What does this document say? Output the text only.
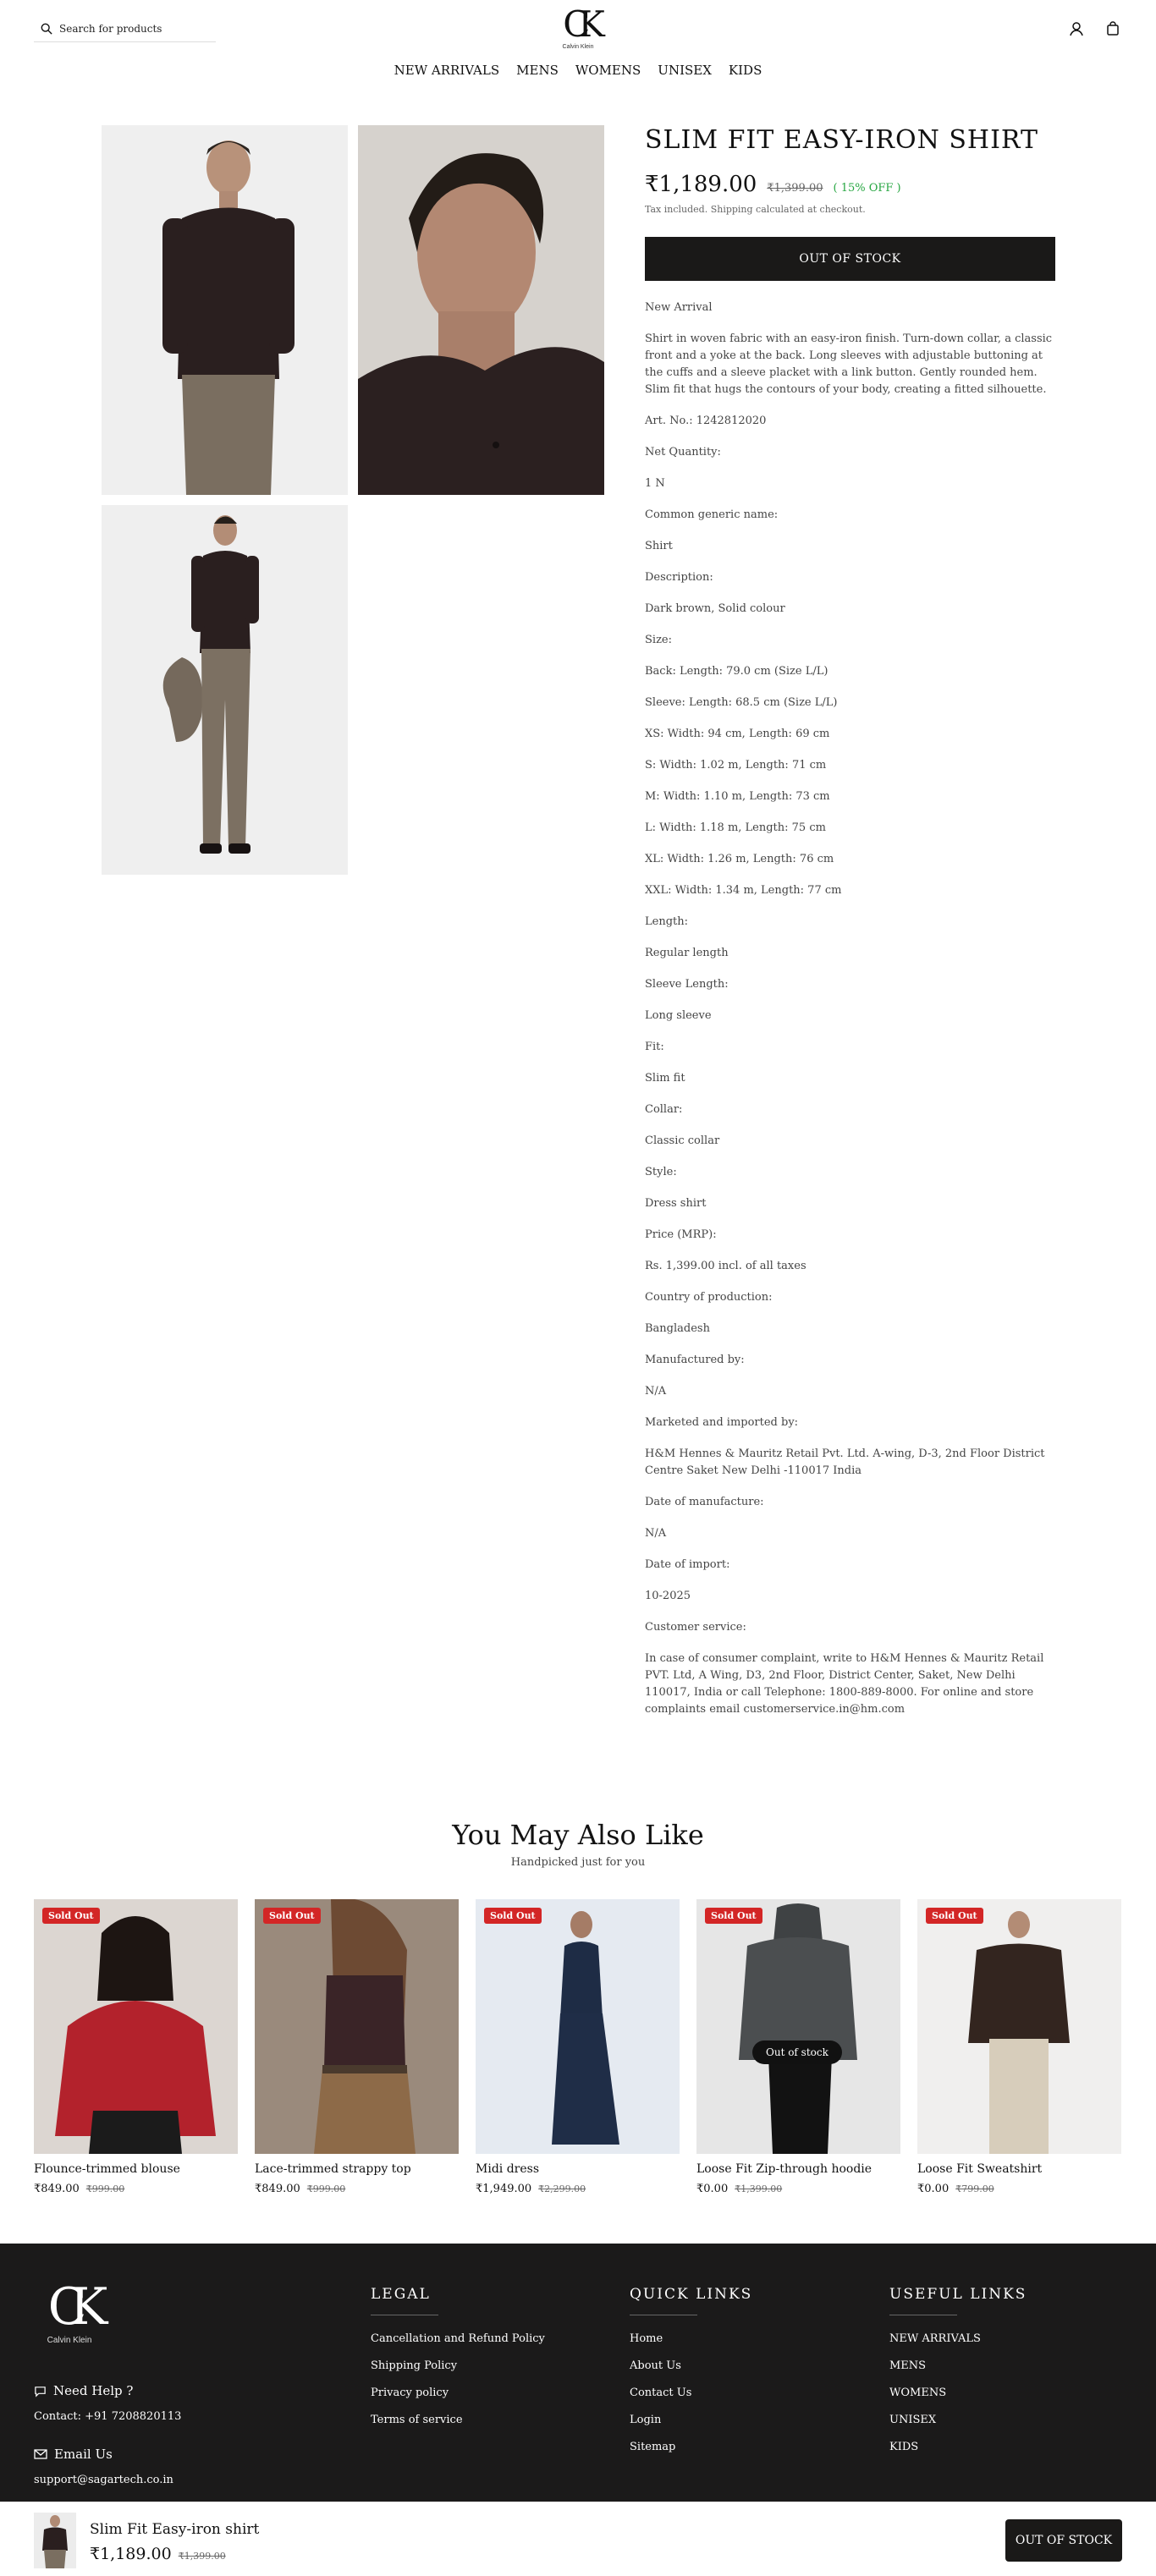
Search for products	CK
Calvin Klein
NEW ARRIVALS MENS WOMENS UNISEX KIDS
SLIM FIT EASY-IRON SHIRT
₹1,189.00 ₹1,399.00 ( 15% OFF )
Tax included. Shipping calculated at checkout.
OUT OF STOCK

New Arrival

Shirt in woven fabric with an easy-iron finish. Turn-down collar, a classic front and a yoke at the back. Long sleeves with adjustable buttoning at the cuffs and a sleeve placket with a link button. Gently rounded hem. Slim fit that hugs the contours of your body, creating a fitted silhouette.

Art. No.: 1242812020

Net Quantity:

1 N

Common generic name:

Shirt

Description:

Dark brown, Solid colour

Size:

Back: Length: 79.0 cm (Size L/L)

Sleeve: Length: 68.5 cm (Size L/L)

XS: Width: 94 cm, Length: 69 cm

S: Width: 1.02 m, Length: 71 cm

M: Width: 1.10 m, Length: 73 cm

L: Width: 1.18 m, Length: 75 cm

XL: Width: 1.26 m, Length: 76 cm

XXL: Width: 1.34 m, Length: 77 cm

Length:

Regular length

Sleeve Length:

Long sleeve

Fit:

Slim fit

Collar:

Classic collar

Style:

Dress shirt

Price (MRP):

Rs. 1,399.00 incl. of all taxes

Country of production:

Bangladesh

Manufactured by:

N/A

Marketed and imported by:

H&M Hennes & Mauritz Retail Pvt. Ltd. A-wing, D-3, 2nd Floor District Centre Saket New Delhi -110017 India

Date of manufacture:

N/A

Date of import:

10-2025

Customer service:

In case of consumer complaint, write to H&M Hennes & Mauritz Retail PVT. Ltd, A Wing, D3, 2nd Floor, District Center, Saket, New Delhi 110017, India or call Telephone: 1800-889-8000. For online and store complaints email customerservice.in@hm.com

You May Also Like
Handpicked just for you
Sold Out
Flounce-trimmed blouse
₹849.00 ₹999.00
Sold Out
Lace-trimmed strappy top
₹849.00 ₹999.00
Sold Out
Midi dress
₹1,949.00 ₹2,299.00
Sold Out
Out of stock
Loose Fit Zip-through hoodie
₹0.00 ₹1,399.00
Sold Out
Loose Fit Sweatshirt
₹0.00 ₹799.00
CK
Calvin Klein
Need Help ?
Contact: +91 7208820113
Email Us
support@sagartech.co.in
LEGAL
Cancellation and Refund Policy
Shipping Policy
Privacy policy
Terms of service
QUICK LINKS
Home
About Us
Contact Us
Login
Sitemap
USEFUL LINKS
NEW ARRIVALS
MENS
WOMENS
UNISEX
KIDS
Slim Fit Easy-iron shirt
₹1,189.00 ₹1,399.00
OUT OF STOCK
